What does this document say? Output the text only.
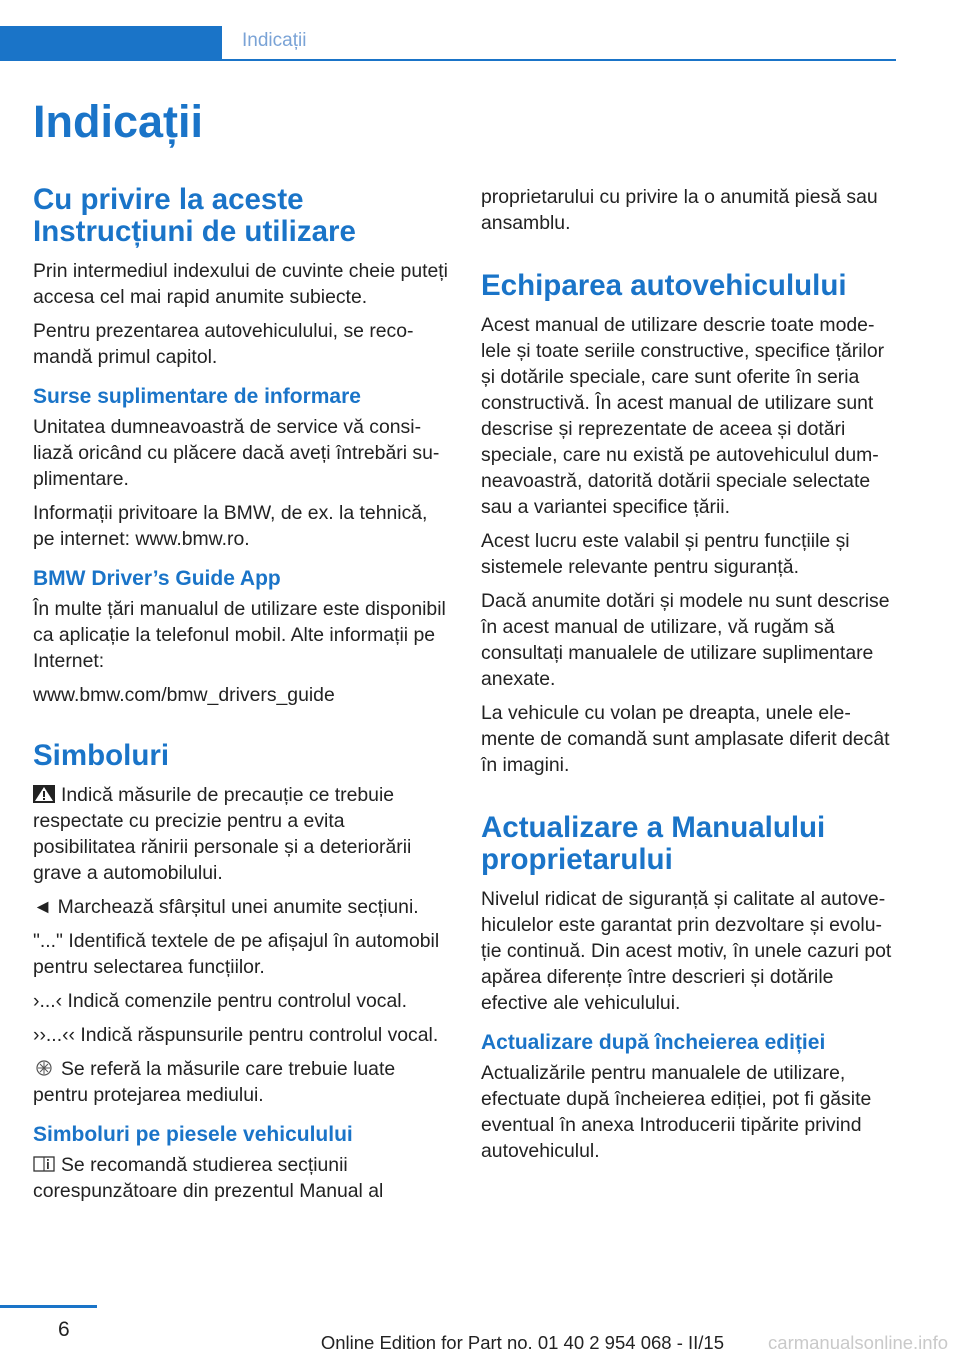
Indicații
Indicații
Cu privire la aceste Instrucțiuni de utilizare

Prin intermediul indexului de cuvinte cheie puteți accesa cel mai rapid anumite subiecte.

Pentru prezentarea autovehiculului, se recomandă primul capitol.

Surse suplimentare de informare

Unitatea dumneavoastră de service vă consiliază oricând cu plăcere dacă aveți întrebări suplimentare.

Informații privitoare la BMW, de ex. la tehnică, pe internet: www.bmw.ro.

BMW Driver’s Guide App

În multe țări manualul de utilizare este disponibil ca aplicație la telefonul mobil. Alte informații pe Internet:

www.bmw.com/bmw_drivers_guide

Simboluri

Indică măsurile de precauție ce trebuie respectate cu precizie pentru a evita posibilitatea rănirii personale și a deteriorării grave a automobilului.

◄ Marchează sfârșitul unei anumite secțiuni.

"..." Identifică textele de pe afișajul în automobil pentru selectarea funcțiilor.

›...‹ Indică comenzile pentru controlul vocal.

››...‹‹ Indică răspunsurile pentru controlul vocal.

Se referă la măsurile care trebuie luate pentru protejarea mediului.

Simboluri pe piesele vehiculului

Se recomandă studierea secțiunii corespunzătoare din prezentul Manual al

proprietarului cu privire la o anumită piesă sau ansamblu.

Echiparea autovehiculului

Acest manual de utilizare descrie toate modelele și toate seriile constructive, specifice țărilor și dotările speciale, care sunt oferite în seria constructivă. În acest manual de utilizare sunt descrise și reprezentate de aceea și dotări speciale, care nu există pe autovehiculul dumneavoastră, datorită dotării speciale selectate sau a variantei specifice țării.

Acest lucru este valabil și pentru funcțiile și sistemele relevante pentru siguranță.

Dacă anumite dotări și modele nu sunt descrise în acest manual de utilizare, vă rugăm să consultați manualele de utilizare suplimentare anexate.

La vehicule cu volan pe dreapta, unele elemente de comandă sunt amplasate diferit decât în imagini.

Actualizare a Manualului proprietarului

Nivelul ridicat de siguranță și calitate al autovehiculelor este garantat prin dezvoltare și evoluție continuă. Din acest motiv, în unele cazuri pot apărea diferențe între descrieri și dotările efective ale vehiculului.

Actualizare după încheierea ediției

Actualizările pentru manualele de utilizare, efectuate după încheierea ediției, pot fi găsite eventual în anexa Introducerii tipărite privind autovehiculul.

6
Online Edition for Part no. 01 40 2 954 068 - II/15 carmanualsonline.info
